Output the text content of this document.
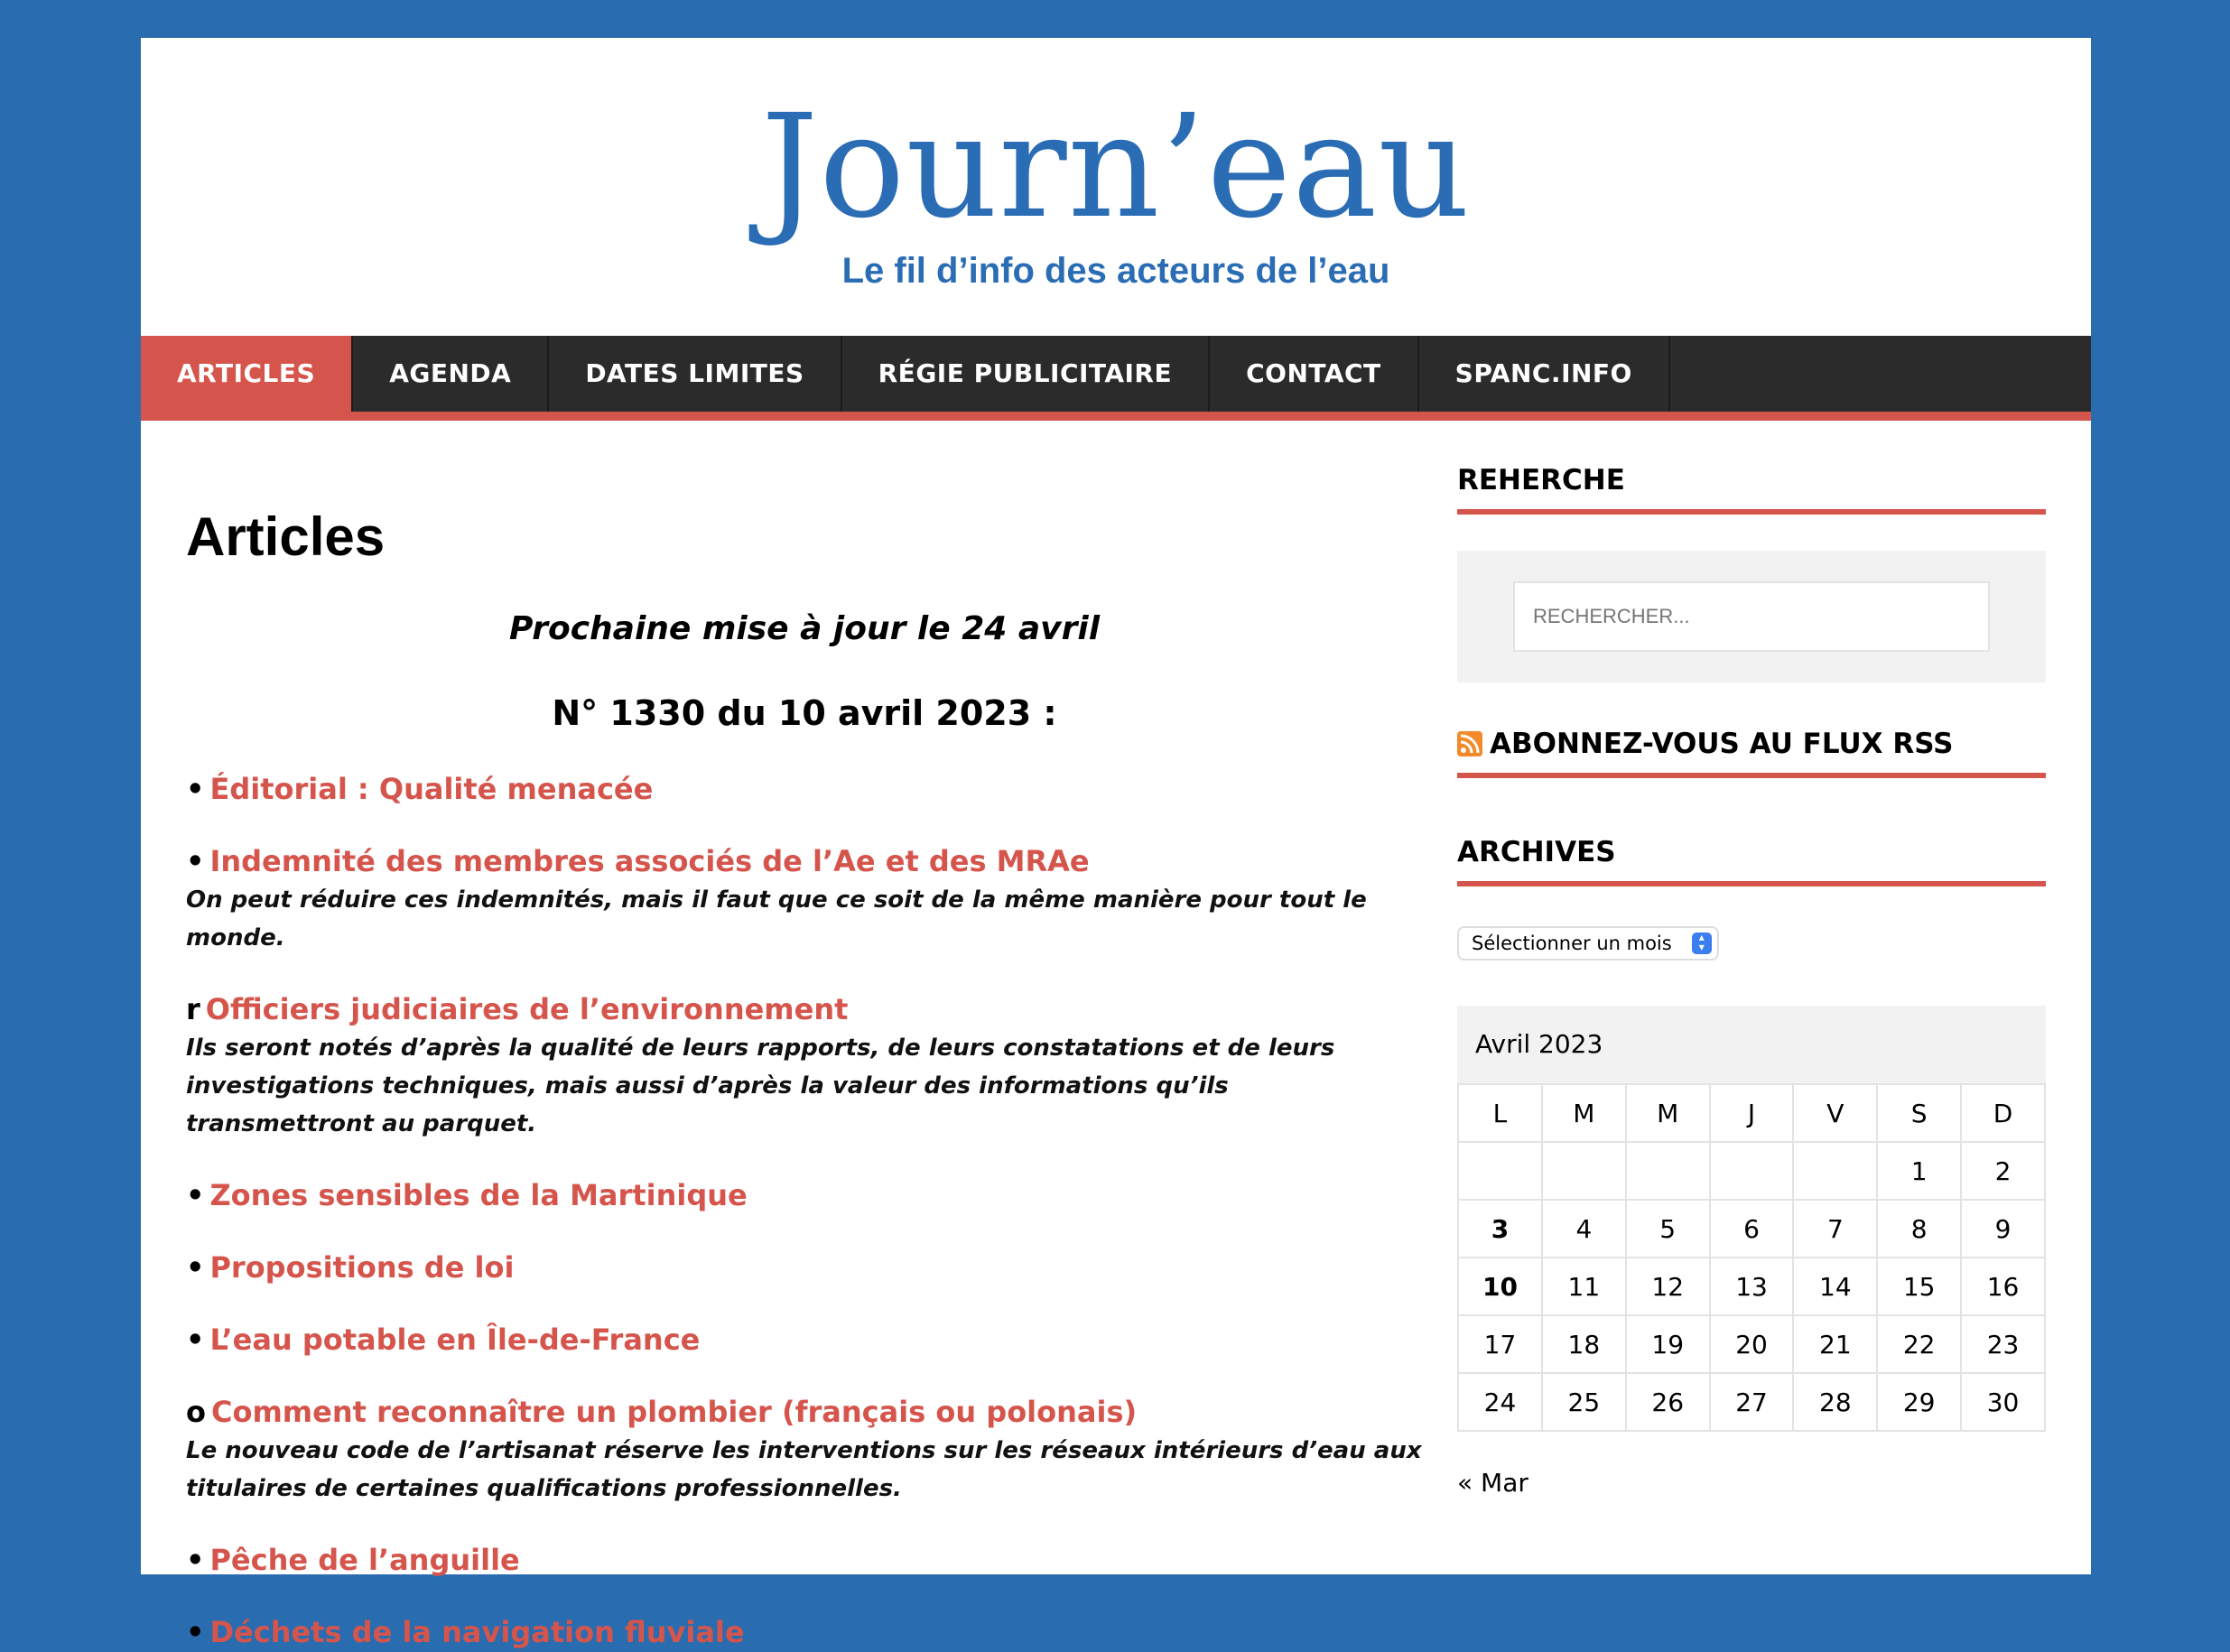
Journ’eau
Le fil d’info des acteurs de l’eau
ARTICLES	AGENDA	DATES LIMITES	RÉGIE PUBLICITAIRE	CONTACT	SPANC.INFO
Articles
Prochaine mise à jour le 24 avril
N° 1330 du 10 avril 2023 :
• Éditorial : Qualité menacée
• Indemnité des membres associés de l’Ae et des MRAe
On peut réduire ces indemnités, mais il faut que ce soit de la même manière pour tout le monde.
r Officiers judiciaires de l’environnement
Ils seront notés d’après la qualité de leurs rapports, de leurs constatations et de leurs investigations techniques, mais aussi d’après la valeur des informations qu’ils transmettront au parquet.
• Zones sensibles de la Martinique
• Propositions de loi
• L’eau potable en Île-de-France
o Comment reconnaître un plombier (français ou polonais)
Le nouveau code de l’artisanat réserve les interventions sur les réseaux intérieurs d’eau aux titulaires de certaines qualifications professionnelles.
• Pêche de l’anguille
• Déchets de la navigation fluviale
REHERCHE
RECHERCHER...
ABONNEZ-VOUS AU FLUX RSS
ARCHIVES
Sélectionner un mois	▴
▾
Avril 2023
L	M	M	J	V	S	D
					1	2
3	4	5	6	7	8	9
10	11	12	13	14	15	16
17	18	19	20	21	22	23
24	25	26	27	28	29	30
« Mar
